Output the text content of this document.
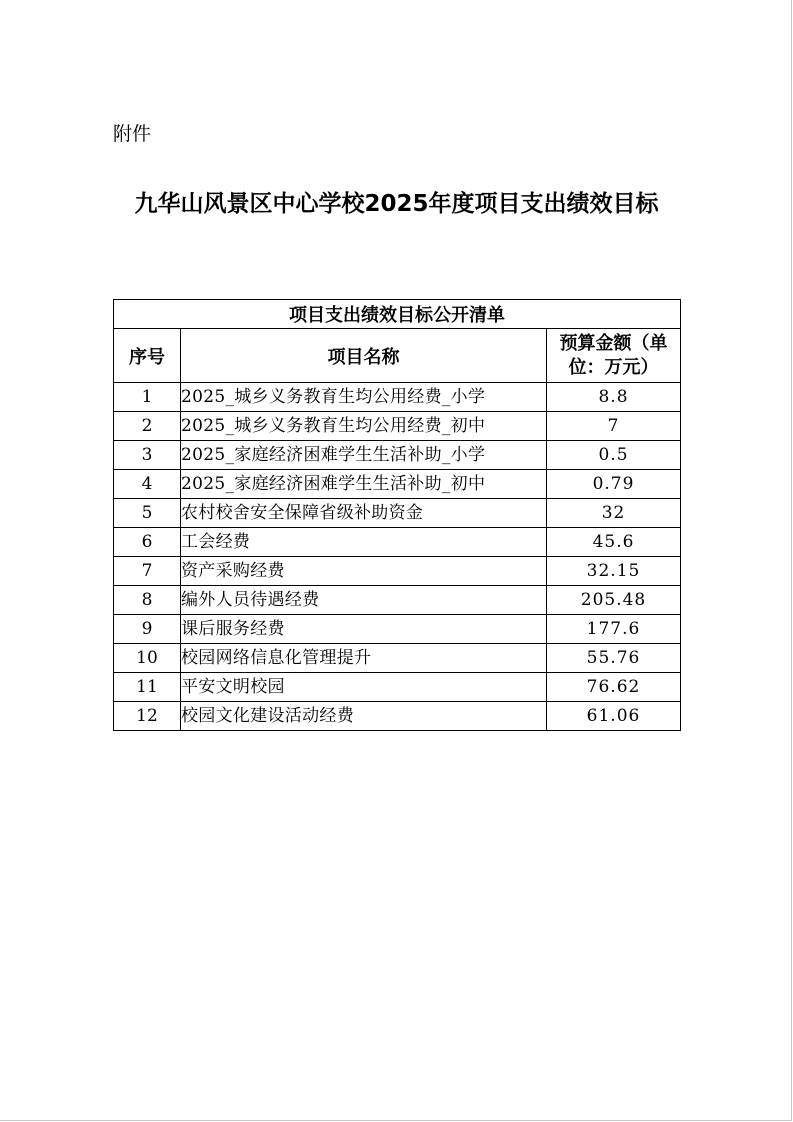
附件
九华山风景区中心学校2025年度项目支出绩效目标
项目支出绩效目标公开清单		
序号	项目名称	预算金额（单位：万元）
1	2025_城乡义务教育生均公用经费_小学	8.8
2	2025_城乡义务教育生均公用经费_初中	7
3	2025_家庭经济困难学生生活补助_小学	0.5
4	2025_家庭经济困难学生生活补助_初中	0.79
5	农村校舍安全保障省级补助资金	32
6	工会经费	45.6
7	资产采购经费	32.15
8	编外人员待遇经费	205.48
9	课后服务经费	177.6
10	校园网络信息化管理提升	55.76
11	平安文明校园	76.62
12	校园文化建设活动经费	61.06
